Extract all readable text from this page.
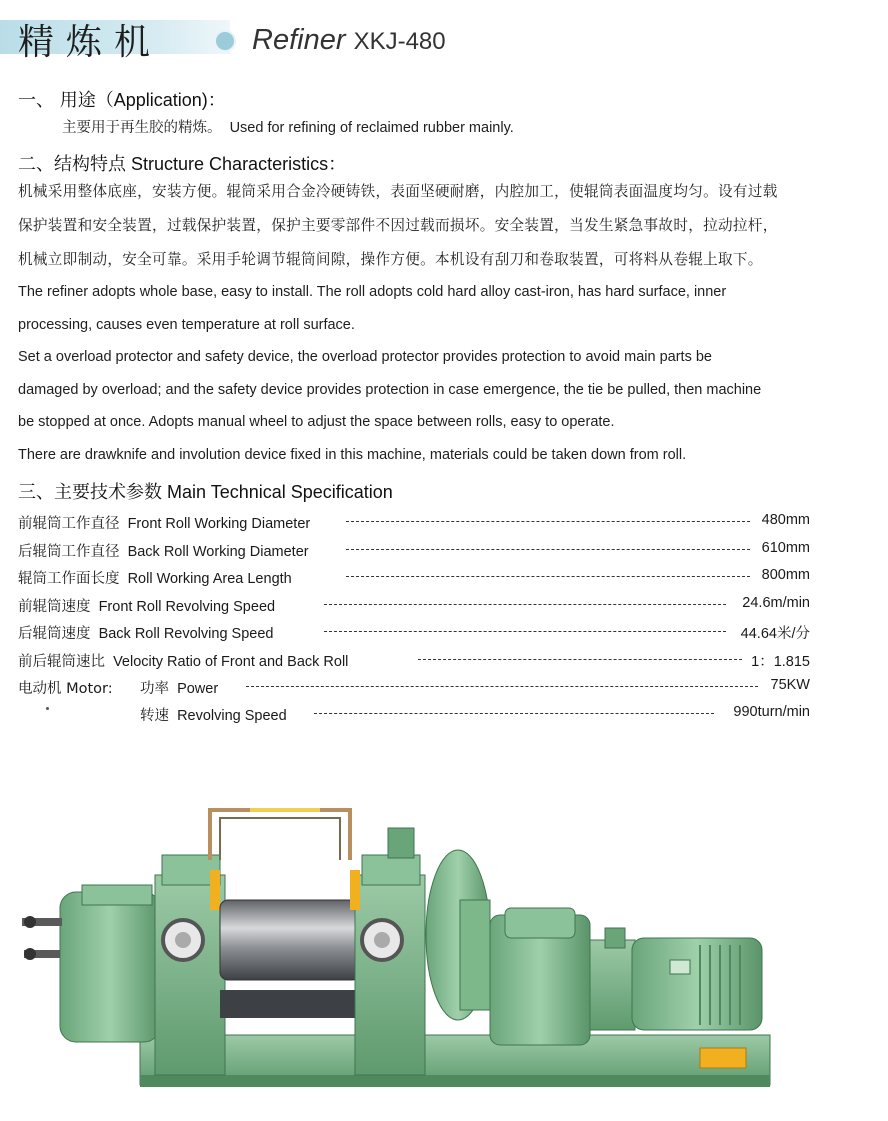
精炼机	Refiner XKJ-480
一、 用途（Application)：
主要用于再生胶的精炼。 Used for refining of reclaimed rubber mainly.
二、结构特点 Structure Characteristics：
机械采用整体底座，安装方便。辊筒采用合金冷硬铸铁，表面坚硬耐磨，内腔加工，使辊筒表面温度均匀。设有过载
保护装置和安全装置，过载保护装置，保护主要零部件不因过载而损坏。安全装置，当发生紧急事故时，拉动拉杆，
机械立即制动，安全可靠。采用手轮调节辊筒间隙，操作方便。本机设有刮刀和卷取装置，可将料从卷辊上取下。
The refiner adopts whole base, easy to install. The roll adopts cold hard alloy cast-iron, has hard surface, inner
processing, causes even temperature at roll surface.
Set a overload protector and safety device, the overload protector provides protection to avoid main parts be
damaged by overload; and the safety device provides protection in case emergence, the tie be pulled, then machine
be stopped at once. Adopts manual wheel to adjust the space between rolls, easy to operate.
There are drawknife and involution device fixed in this machine, materials could be taken down from roll.
三、主要技术参数 Main Technical Specification
前辊筒工作直径 Front Roll Working Diameter	480mm
后辊筒工作直径 Back Roll Working Diameter	610mm
辊筒工作面长度 Roll Working Area Length	800mm
前辊筒速度 Front Roll Revolving Speed	24.6m/min
后辊筒速度 Back Roll Revolving Speed	44.64米/分
前后辊筒速比 Velocity Ratio of Front and Back Roll	1：1.815
电动机 Motor: 功率 Power	75KW
转速 Revolving Speed	990turn/min
